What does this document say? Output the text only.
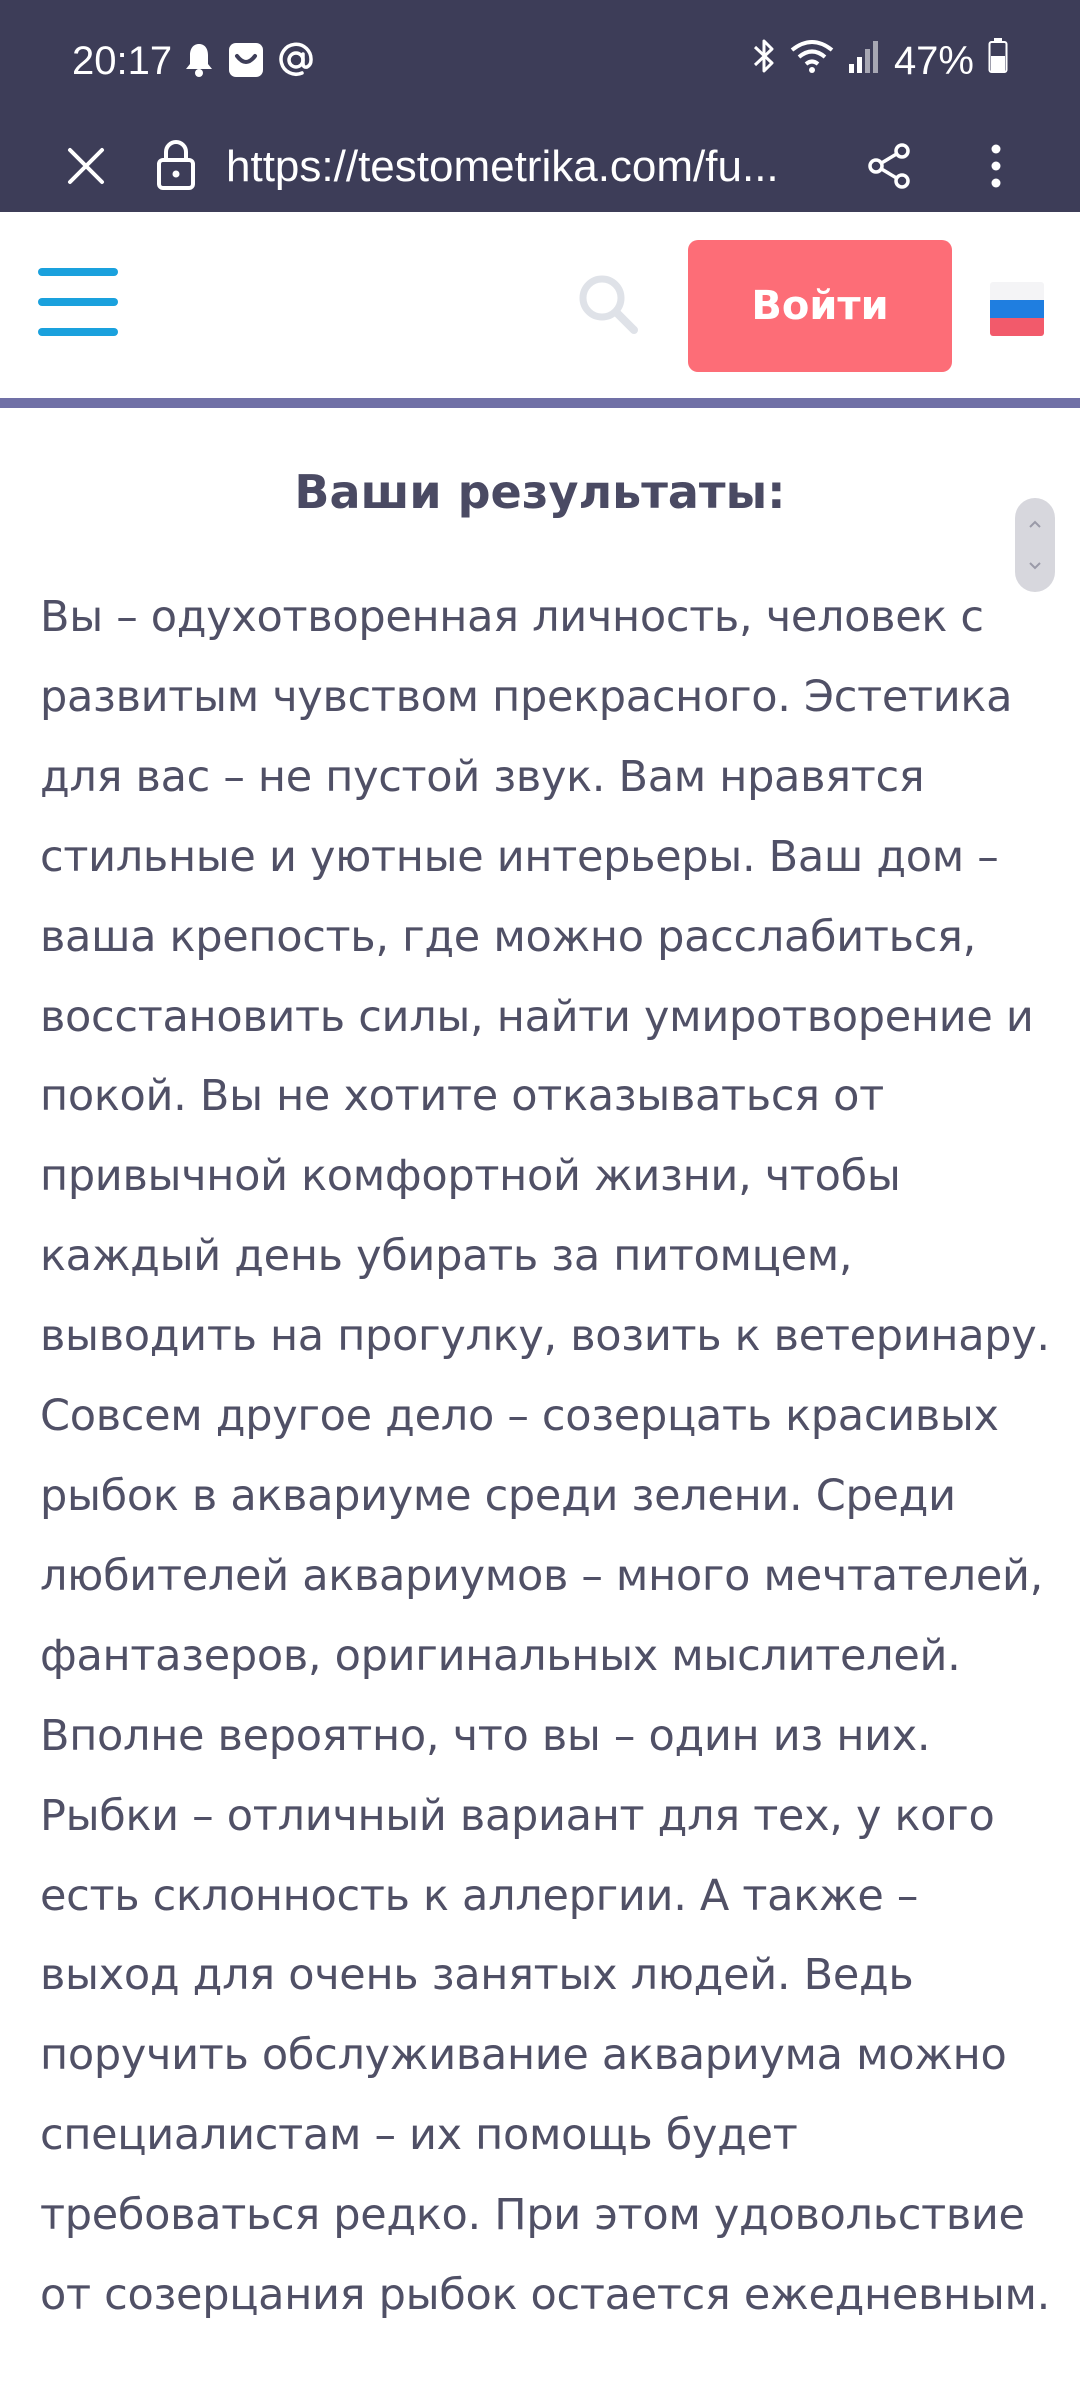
20:17	47%
https://testometrika.com/fu...
Войти
Ваши результаты:
Вы – одухотворенная личность, человек с
развитым чувством прекрасного. Эстетика
для вас – не пустой звук. Вам нравятся
стильные и уютные интерьеры. Ваш дом –
ваша крепость, где можно расслабиться,
восстановить силы, найти умиротворение и
покой. Вы не хотите отказываться от
привычной комфортной жизни, чтобы
каждый день убирать за питомцем,
выводить на прогулку, возить к ветеринару.
Совсем другое дело – созерцать красивых
рыбок в аквариуме среди зелени. Среди
любителей аквариумов – много мечтателей,
фантазеров, оригинальных мыслителей.
Вполне вероятно, что вы – один из них.
Рыбки – отличный вариант для тех, у кого
есть склонность к аллергии. А также –
выход для очень занятых людей. Ведь
поручить обслуживание аквариума можно
специалистам – их помощь будет
требоваться редко. При этом удовольствие
от созерцания рыбок остается ежедневным.
